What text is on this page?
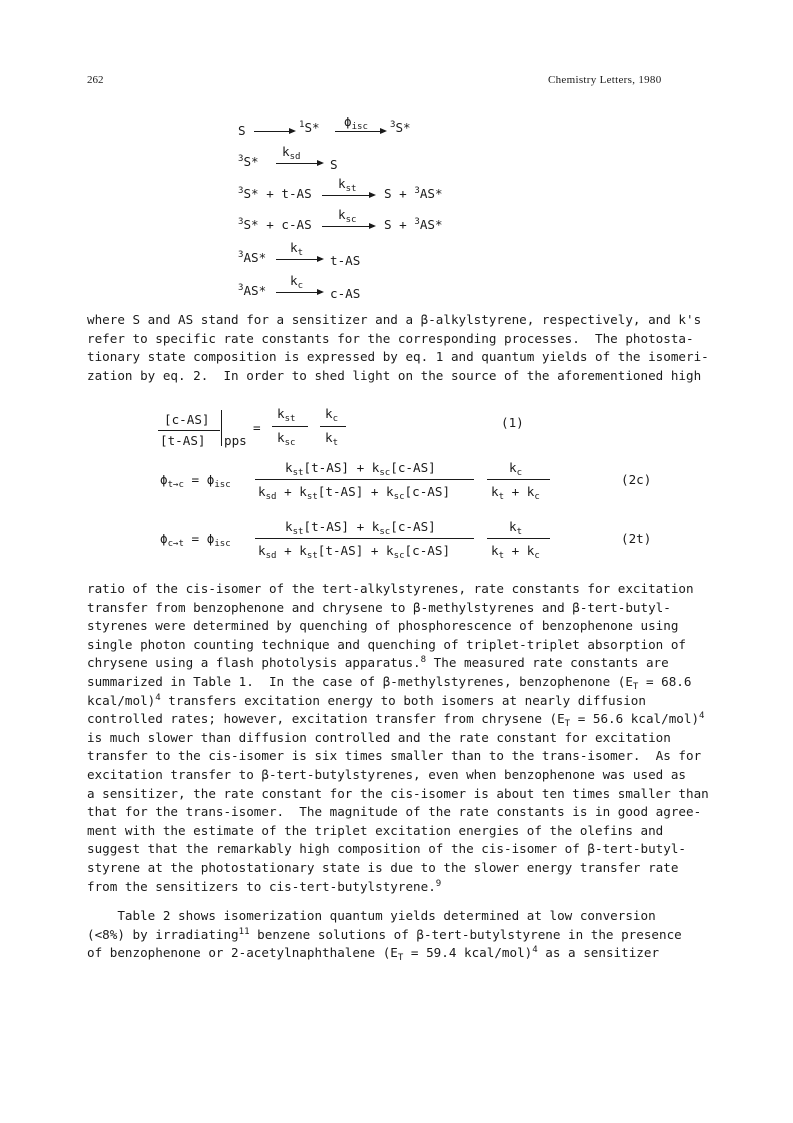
262	Chemistry Letters, 1980
S	$^1$S* $\phi_{isc}$ $^3$S*
$^3$S*
$k_{sd}$ S
$^3$S* + t-AS
$k_{st}$ S + $^3$AS*
$^3$S* + c-AS
$k_{sc}$ S + $^3$AS*
$^3$AS*
$k_t$ t-AS
$^3$AS*
$k_c$ c-AS
where S and AS stand for a sensitizer and a β-alkylstyrene, respectively, and k's
refer to specific rate constants for the corresponding processes.  The photosta-
tionary state composition is expressed by eq. 1 and quantum yields of the isomeri-
zation by eq. 2.  In order to shed light on the source of the aforementioned high
[c-AS]
[t-AS] pps
=
$k_{st}$
$k_{sc}$
$k_c$
$k_t$
(1)
$\phi_{t\to c} = \phi_{isc}$
$k_{st}[t-AS] + k_{sc}[c-AS]$
$k_{sd} + k_{st}[t-AS] + k_{sc}[c-AS]$
$k_c$
$k_t + k_c$
(2c)
$\phi_{c\to t} = \phi_{isc}$
$k_{st}[t-AS] + k_{sc}[c-AS]$
$k_{sd} + k_{st}[t-AS] + k_{sc}[c-AS]$
$k_t$
$k_t + k_c$
(2t)
ratio of the cis-isomer of the tert-alkylstyrenes, rate constants for excitation
transfer from benzophenone and chrysene to β-methylstyrenes and β-tert-butyl-
styrenes were determined by quenching of phosphorescence of benzophenone using
single photon counting technique and quenching of triplet-triplet absorption of
chrysene using a flash photolysis apparatus.$^8$ The measured rate constants are
summarized in Table 1.  In the case of β-methylstyrenes, benzophenone ($E_T = 68.6$
kcal/mol)$^4$ transfers excitation energy to both isomers at nearly diffusion
controlled rates; however, excitation transfer from chrysene ($E_T = 56.6$ kcal/mol)$^4$
is much slower than diffusion controlled and the rate constant for excitation
transfer to the cis-isomer is six times smaller than to the trans-isomer.  As for
excitation transfer to β-tert-butylstyrenes, even when benzophenone was used as
a sensitizer, the rate constant for the cis-isomer is about ten times smaller than
that for the trans-isomer.  The magnitude of the rate constants is in good agree-
ment with the estimate of the triplet excitation energies of the olefins and
suggest that the remarkably high composition of the cis-isomer of β-tert-butyl-
styrene at the photostationary state is due to the slower energy transfer rate
from the sensitizers to cis-tert-butylstyrene.$^9$
Table 2 shows isomerization quantum yields determined at low conversion
(<8%) by irradiating$^{11}$ benzene solutions of β-tert-butylstyrene in the presence
of benzophenone or 2-acetylnaphthalene ($E_T = 59.4$ kcal/mol)$^4$ as a sensitizer
